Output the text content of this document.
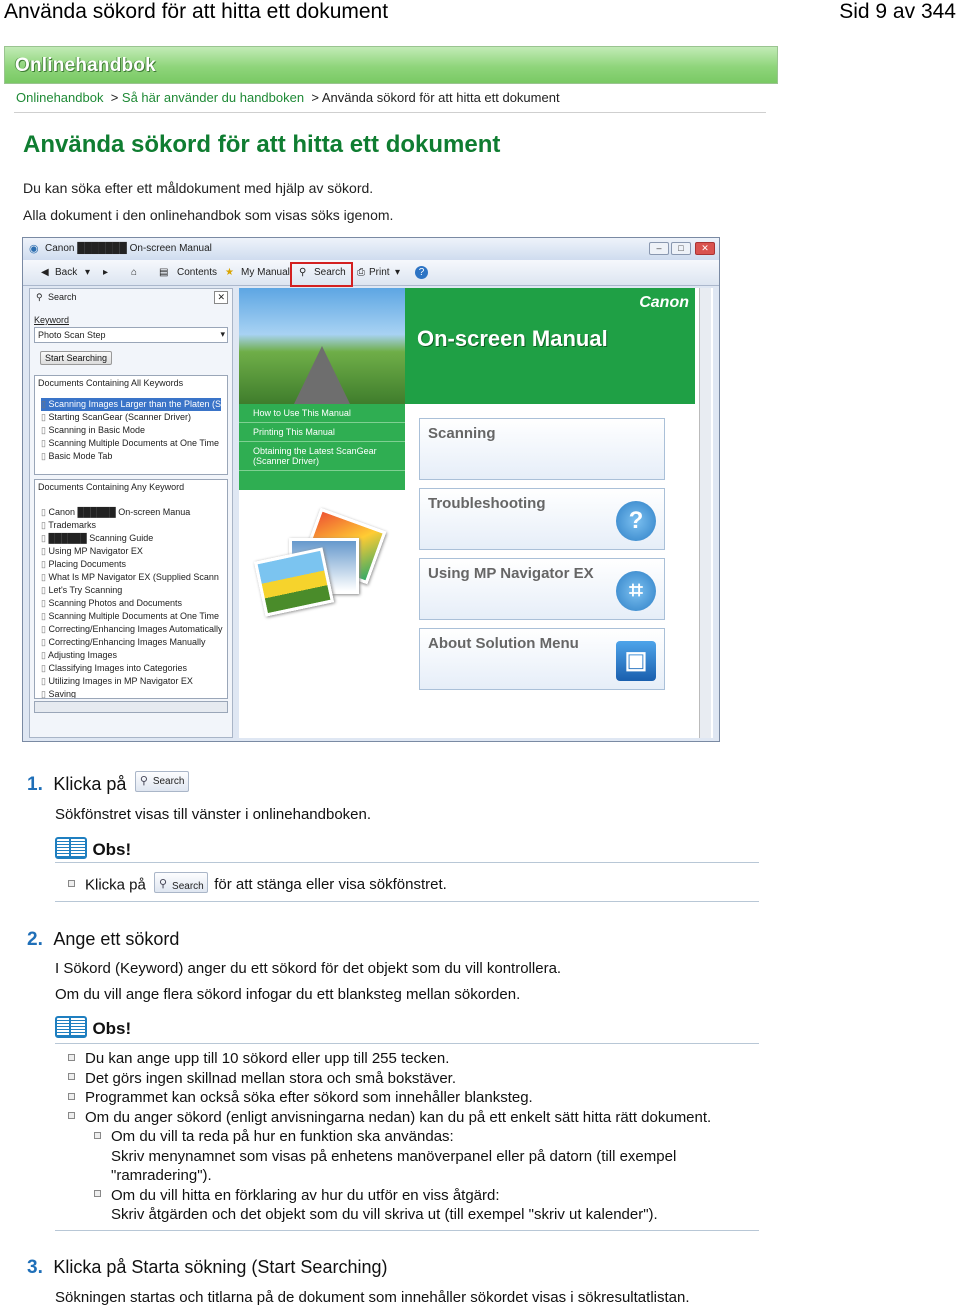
Använda sökord för att hitta ett dokument	Sid 9 av 344
Onlinehandbok
Onlinehandbok > Så här använder du handboken > Använda sökord för att hitta ett dokument
Använda sökord för att hitta ett dokument
Du kan söka efter ett måldokument med hjälp av sökord.
Alla dokument i den onlinehandbok som visas söks igenom.
◉ Canon ███████ On-screen Manual	–	□	✕
◀ Back ▾ ▸ ⌂ ▤ Contents ★ My Manual ⚲ Search ⎙ Print ▾	?
⚲ Search	✕
Keyword
Photo Scan Step	▾
Start Searching
Documents Containing All Keywords
▯ Scanning Images Larger than the Platen (S
▯ Starting ScanGear (Scanner Driver)
▯ Scanning in Basic Mode
▯ Scanning Multiple Documents at One Time
▯ Basic Mode Tab
Documents Containing Any Keyword
▯ Canon ██████ On-screen Manua
▯ Trademarks
▯ ██████ Scanning Guide
▯ Using MP Navigator EX
▯ Placing Documents
▯ What Is MP Navigator EX (Supplied Scann
▯ Let's Try Scanning
▯ Scanning Photos and Documents
▯ Scanning Multiple Documents at One Time
▯ Correcting/Enhancing Images Automatically
▯ Correcting/Enhancing Images Manually
▯ Adjusting Images
▯ Classifying Images into Categories
▯ Utilizing Images in MP Navigator EX
▯ Saving
Canon
On-screen Manual
How to Use This Manual
Printing This Manual
Obtaining the Latest ScanGear (Scanner Driver)
Scanning
Troubleshooting
?
Using MP Navigator EX
⌗
About Solution Menu
▣
1. Klicka på ⚲ Search
Sökfönstret visas till vänster i onlinehandboken.
Obs!
Klicka på ⚲ Search för att stänga eller visa sökfönstret.
2. Ange ett sökord
I Sökord (Keyword) anger du ett sökord för det objekt som du vill kontrollera.
Om du vill ange flera sökord infogar du ett blanksteg mellan sökorden.
Obs!
Du kan ange upp till 10 sökord eller upp till 255 tecken.
Det görs ingen skillnad mellan stora och små bokstäver.
Programmet kan också söka efter sökord som innehåller blanksteg.
Om du anger sökord (enligt anvisningarna nedan) kan du på ett enkelt sätt hitta rätt dokument.
Om du vill ta reda på hur en funktion ska användas:
Skriv menynamnet som visas på enhetens manöverpanel eller på datorn (till exempel
"ramradering").
Om du vill hitta en förklaring av hur du utför en viss åtgärd:
Skriv åtgärden och det objekt som du vill skriva ut (till exempel "skriv ut kalender").
3. Klicka på Starta sökning (Start Searching)
Sökningen startas och titlarna på de dokument som innehåller sökordet visas i sökresultatlistan.
